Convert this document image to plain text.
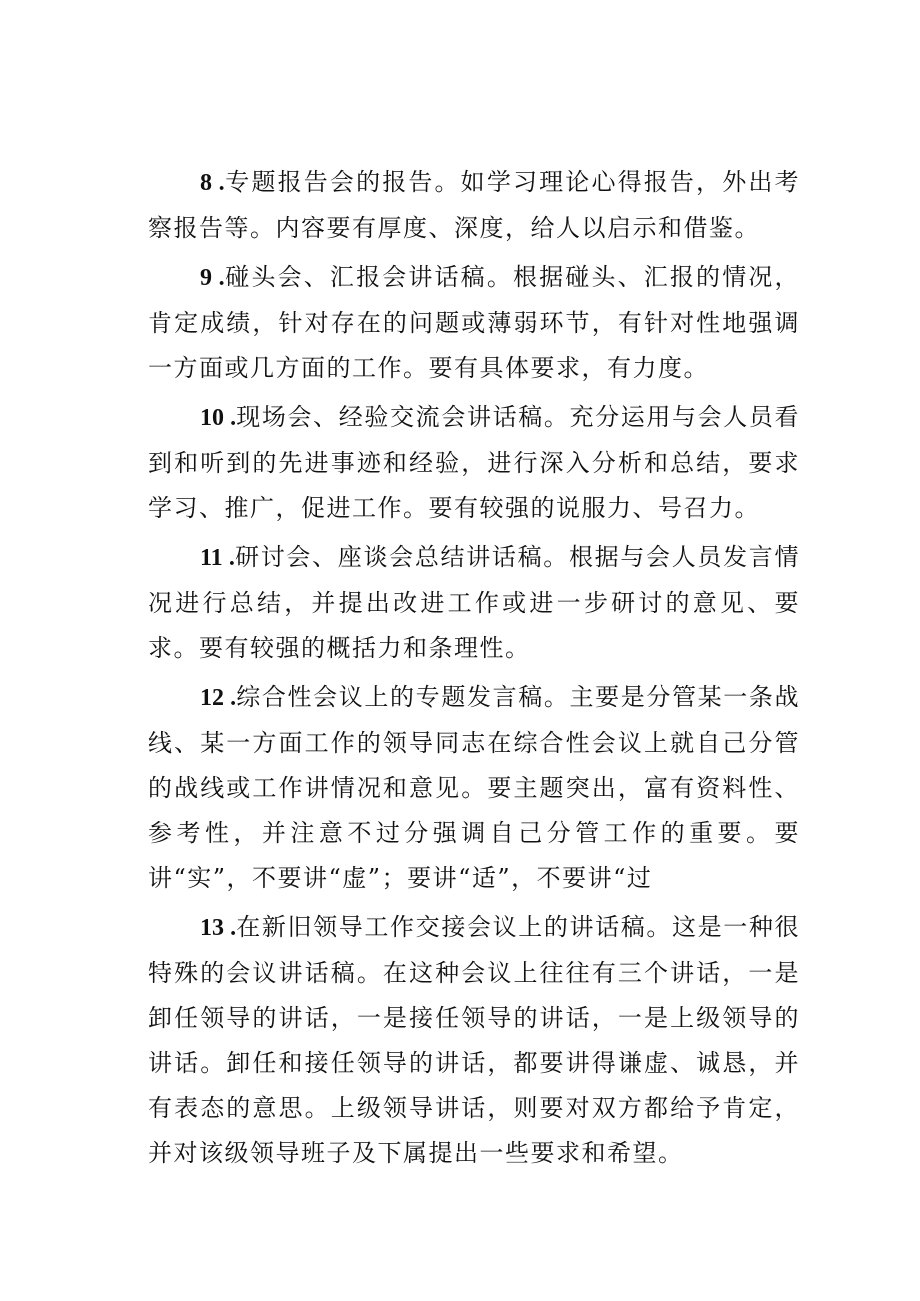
8 .专题报告会的报告。如学习理论心得报告，外出考察报告等。内容要有厚度、深度，给人以启示和借鉴。

9 .碰头会、汇报会讲话稿。根据碰头、汇报的情况，肯定成绩，针对存在的问题或薄弱环节，有针对性地强调一方面或几方面的工作。要有具体要求，有力度。

10 .现场会、经验交流会讲话稿。充分运用与会人员看到和听到的先进事迹和经验，进行深入分析和总结，要求学习、推广，促进工作。要有较强的说服力、号召力。

11 .研讨会、座谈会总结讲话稿。根据与会人员发言情况进行总结，并提出改进工作或进一步研讨的意见、要求。要有较强的概括力和条理性。

12 .综合性会议上的专题发言稿。主要是分管某一条战线、某一方面工作的领导同志在综合性会议上就自己分管的战线或工作讲情况和意见。要主题突出，富有资料性、参考性，并注意不过分强调自己分管工作的重要。要讲“实”，不要讲“虚”；要讲“适”，不要讲“过

13 .在新旧领导工作交接会议上的讲话稿。这是一种很特殊的会议讲话稿。在这种会议上往往有三个讲话，一是卸任领导的讲话，一是接任领导的讲话，一是上级领导的讲话。卸任和接任领导的讲话，都要讲得谦虚、诚恳，并有表态的意思。上级领导讲话，则要对双方都给予肯定，并对该级领导班子及下属提出一些要求和希望。
